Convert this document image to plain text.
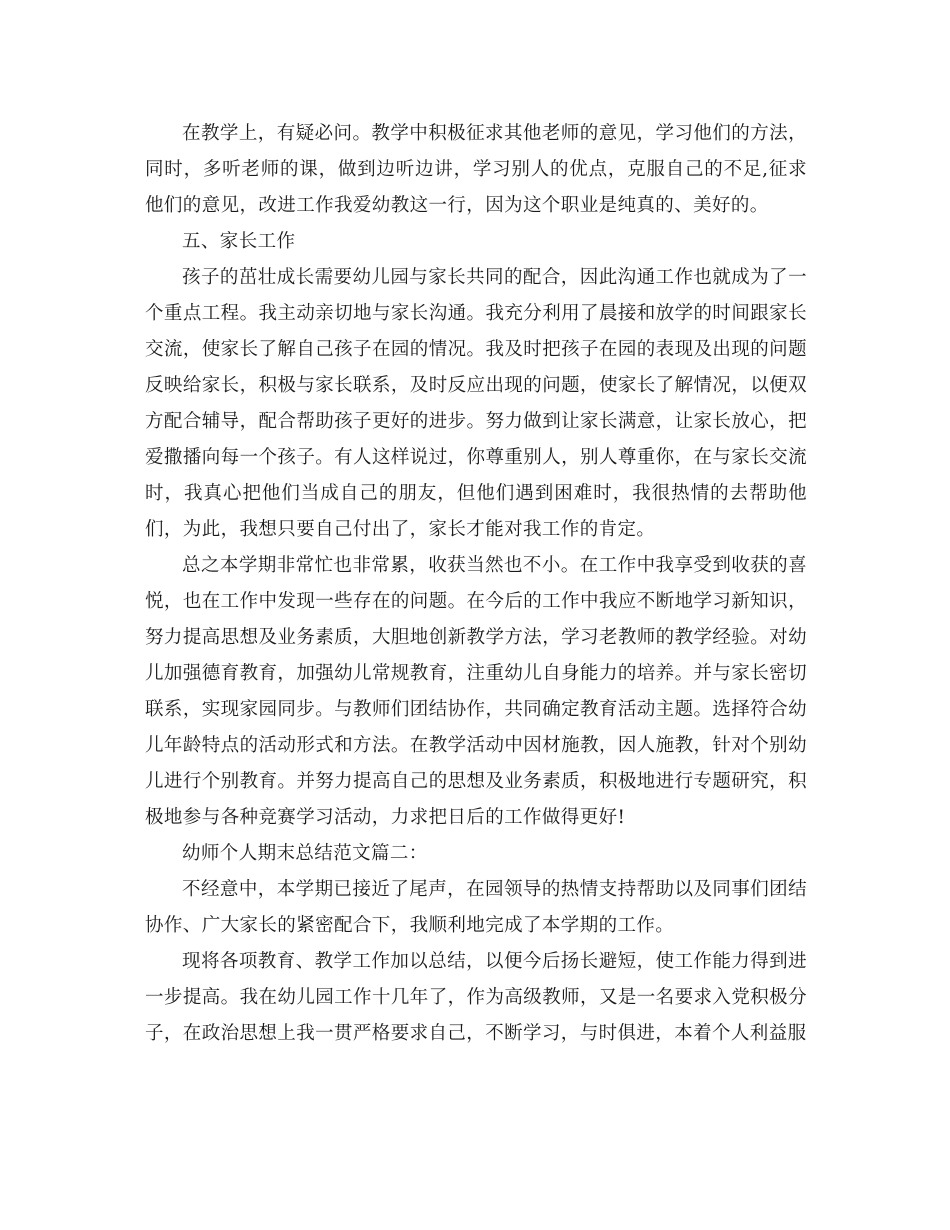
在教学上，有疑必问。教学中积极征求其他老师的意见，学习他们的方法，同时，多听老师的课，做到边听边讲，学习别人的优点，克服自己的不足,征求他们的意见，改进工作我爱幼教这一行，因为这个职业是纯真的、美好的。

五、家长工作

孩子的茁壮成长需要幼儿园与家长共同的配合，因此沟通工作也就成为了一个重点工程。我主动亲切地与家长沟通。我充分利用了晨接和放学的时间跟家长交流，使家长了解自己孩子在园的情况。我及时把孩子在园的表现及出现的问题反映给家长，积极与家长联系，及时反应出现的问题，使家长了解情况，以便双方配合辅导，配合帮助孩子更好的进步。努力做到让家长满意，让家长放心，把爱撒播向每一个孩子。有人这样说过，你尊重别人，别人尊重你，在与家长交流时，我真心把他们当成自己的朋友，但他们遇到困难时，我很热情的去帮助他们，为此，我想只要自己付出了，家长才能对我工作的肯定。

总之本学期非常忙也非常累，收获当然也不小。在工作中我享受到收获的喜悦，也在工作中发现一些存在的问题。在今后的工作中我应不断地学习新知识，努力提高思想及业务素质，大胆地创新教学方法，学习老教师的教学经验。对幼儿加强德育教育，加强幼儿常规教育，注重幼儿自身能力的培养。并与家长密切联系，实现家园同步。与教师们团结协作，共同确定教育活动主题。选择符合幼儿年龄特点的活动形式和方法。在教学活动中因材施教，因人施教，针对个别幼儿进行个别教育。并努力提高自己的思想及业务素质，积极地进行专题研究，积极地参与各种竞赛学习活动，力求把日后的工作做得更好!

幼师个人期末总结范文篇二：

不经意中，本学期已接近了尾声，在园领导的热情支持帮助以及同事们团结协作、广大家长的紧密配合下，我顺利地完成了本学期的工作。

现将各项教育、教学工作加以总结，以便今后扬长避短，使工作能力得到进一步提高。我在幼儿园工作十几年了，作为高级教师，又是一名要求入党积极分子，在政治思想上我一贯严格要求自己，不断学习，与时俱进，本着个人利益服
